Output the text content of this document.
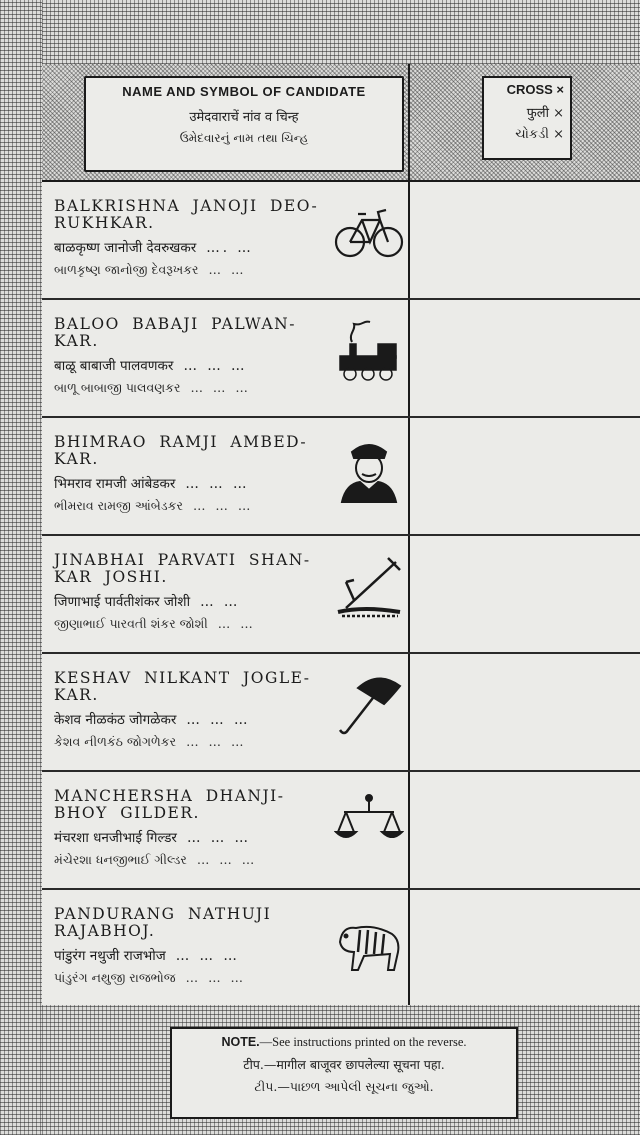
NAME AND SYMBOL OF CANDIDATE
उमेदवाराचें नांव व चिन्ह
ઉમેદવારનું નામ તથા ચિન્હ
CROSS ×
फुली ×
ચોકડી ×
BALKRISHNA JANOJI DEO-
RUKHKAR.
बाळकृष्ण जानोजी देवरुखकर …. …
બાળકૃષ્ણ જાનોજી દેવરૂખકર … …
BALOO BABAJI PALWAN-
KAR.
बाळू बाबाजी पालवणकर … … …
બાળૂ બાબાજી પાલવણકર … … …
BHIMRAO RAMJI AMBED-
KAR.
भिमराव रामजी आंबेडकर … … …
ભીમરાવ રામજી આંબેડકર … … …
JINABHAI PARVATI SHAN-
KAR JOSHI.
जिणाभाई पार्वतीशंकर जोशी … …
જીણાભાઈ પારવતી શંકર જોશી … …
KESHAV NILKANT JOGLE-
KAR.
केशव नीळकंठ जोगळेकर … … …
કેશવ નીળકંઠ જોગળેકર … … …
MANCHERSHA DHANJI-
BHOY GILDER.
मंचरशा धनजीभाई गिल्डर … … …
મંચેરશા ધનજીભાઈ ગીલ્ડર … … …
PANDURANG NATHUJI
RAJABHOJ.
पांडुरंग नथुजी राजभोज … … …
પાંડુરંગ નથુજી રાજભોજ … … …
NOTE.—See instructions printed on the reverse.
टीप.—मागील बाजूवर छापलेल्या सूचना पहा.
ટીપ.—પાછળ આપેલી સૂચના જુઓ.
